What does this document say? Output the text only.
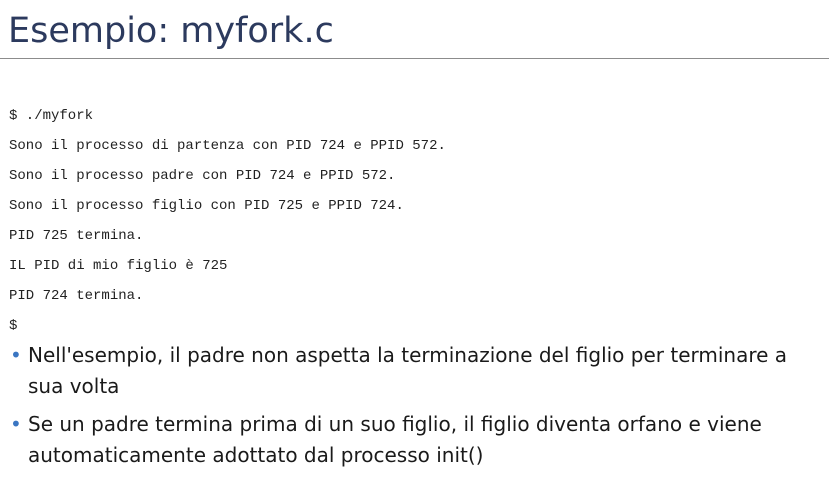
Esempio: myfork.c
$ ./myfork
Sono il processo di partenza con PID 724 e PPID 572.
Sono il processo padre con PID 724 e PPID 572.
Sono il processo figlio con PID 725 e PPID 724.
PID 725 termina.
IL PID di mio figlio è 725
PID 724 termina.
$
• Nell'esempio, il padre non aspetta la terminazione del figlio per terminare a sua volta
• Se un padre termina prima di un suo figlio, il figlio diventa orfano e viene automaticamente adottato dal processo init()
